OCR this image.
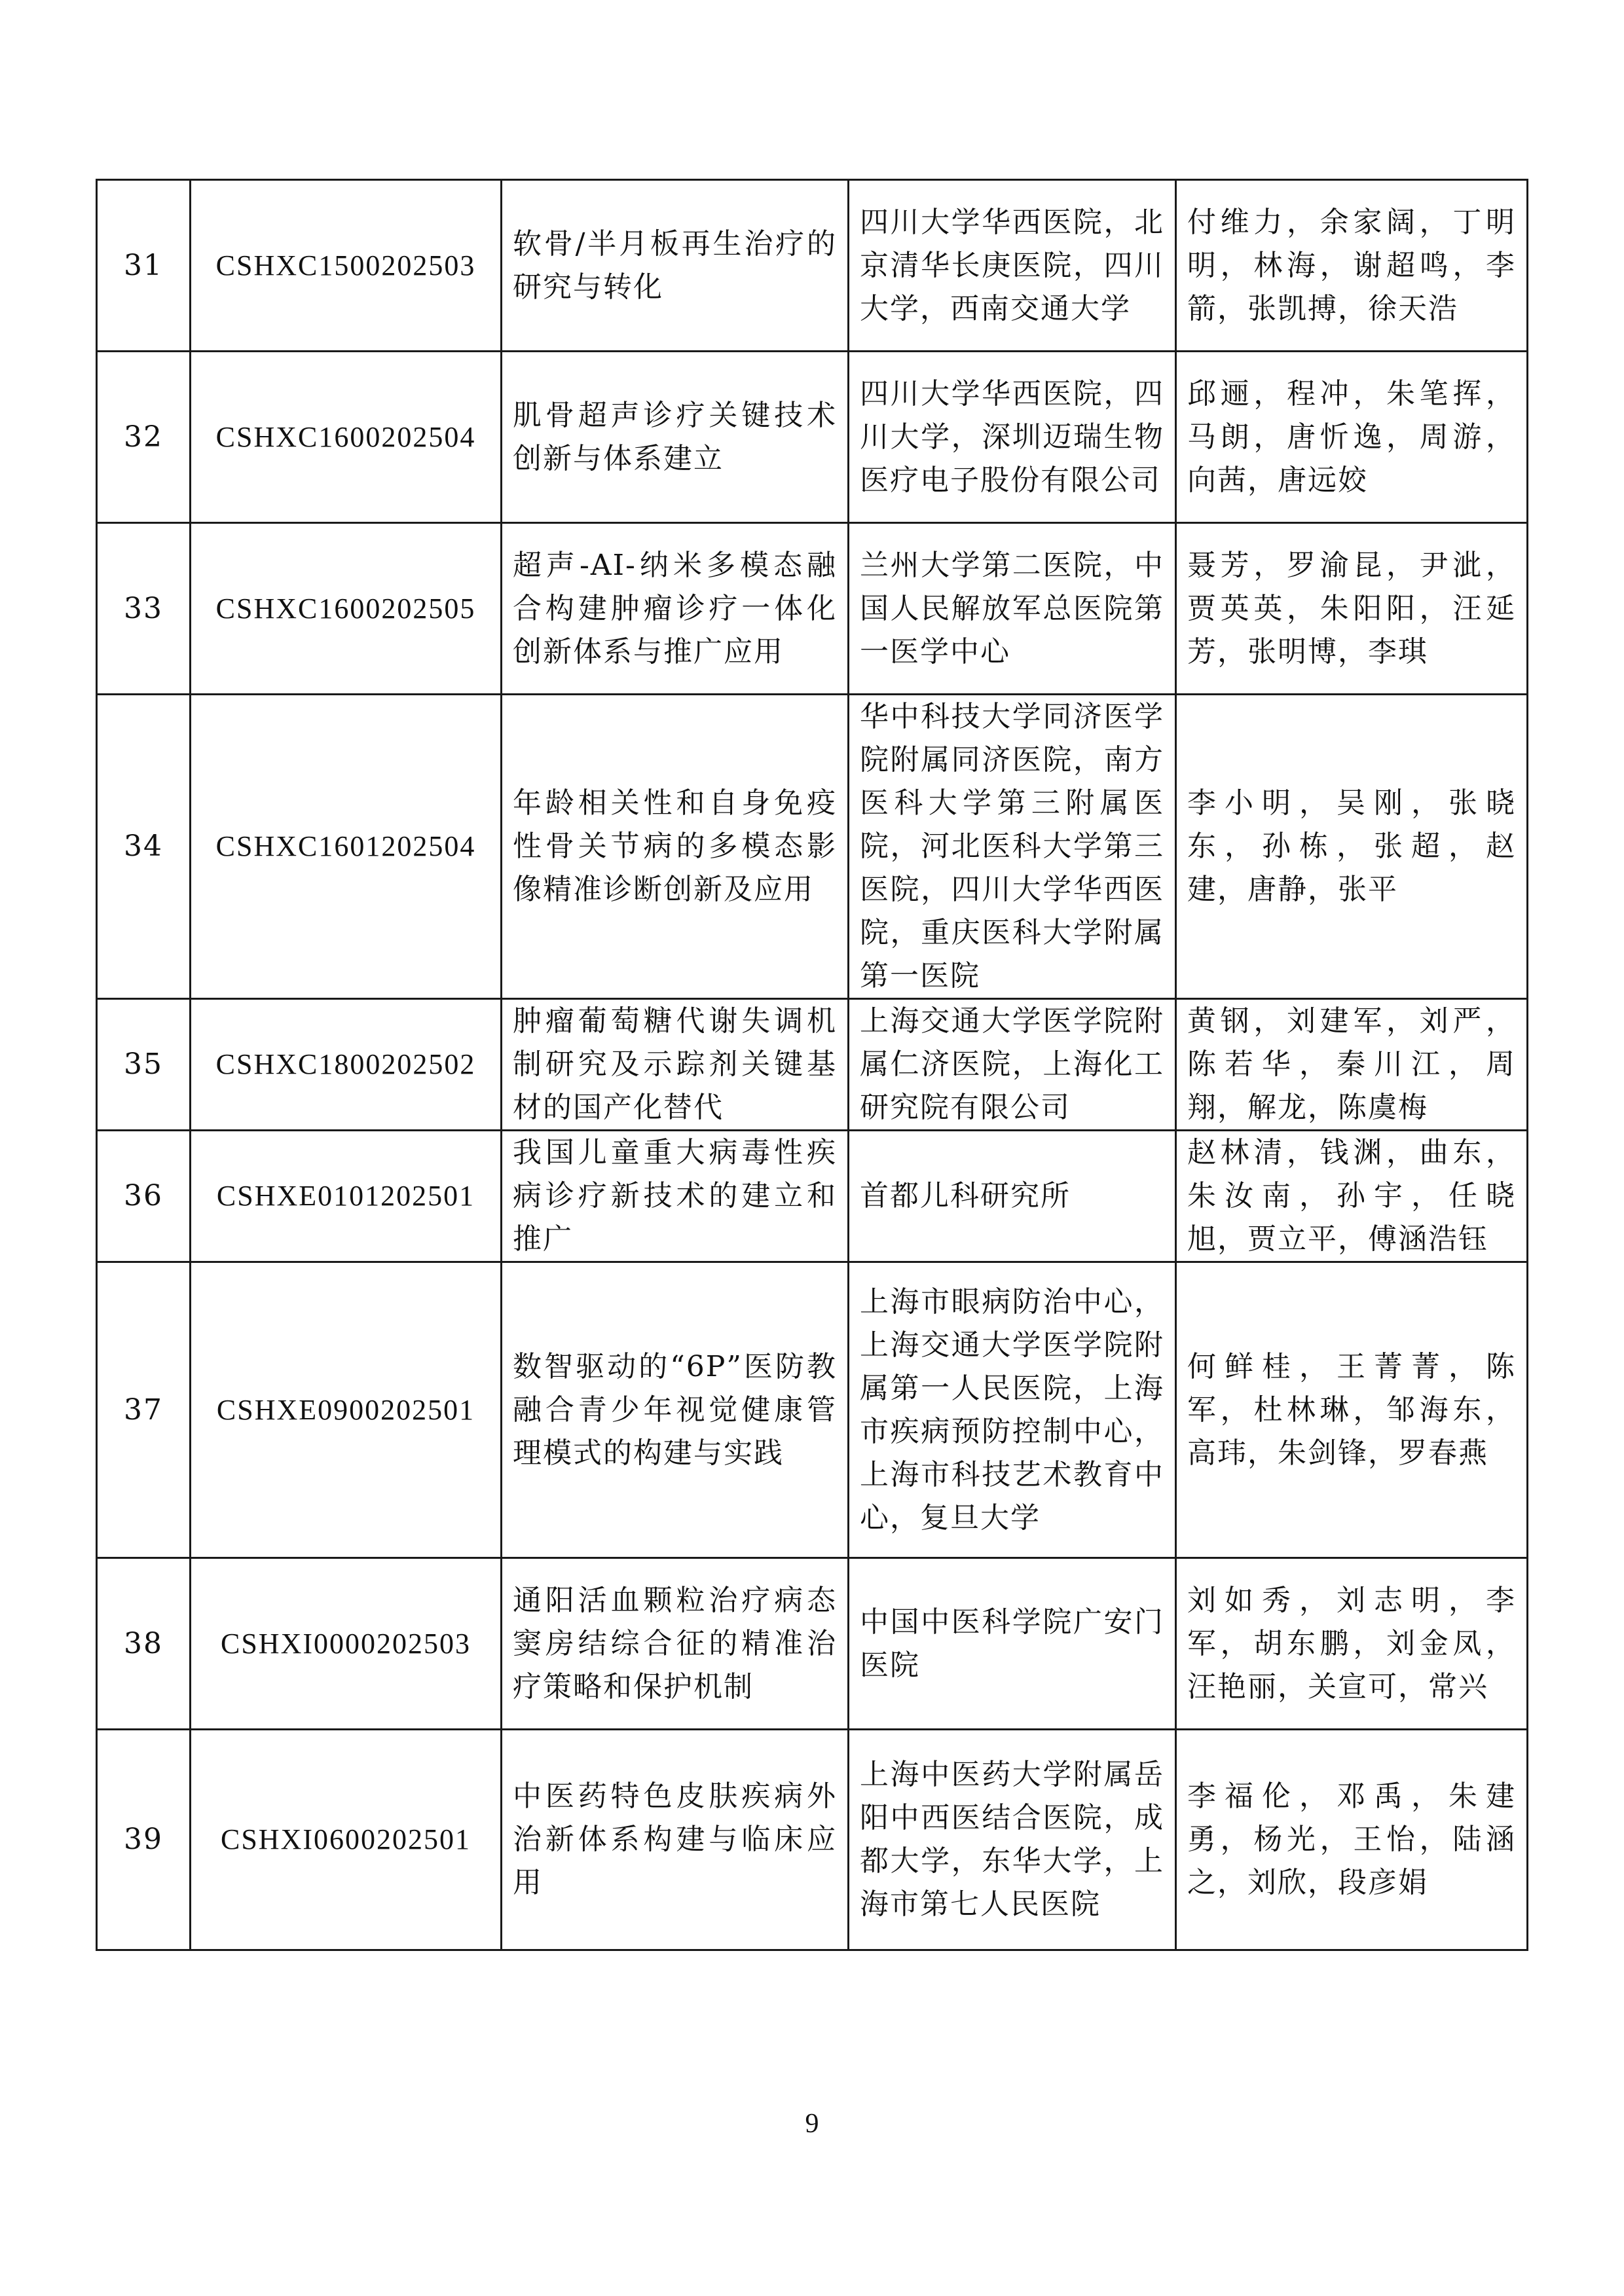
31	CSHXC1500202503	软骨/半月板再生治疗的研究与转化	四川大学华西医院，北京清华长庚医院，四川大学，西南交通大学	付维力，余家阔，丁明明，林海，谢超鸣，李箭，张凯搏，徐天浩
32	CSHXC1600202504	肌骨超声诊疗关键技术创新与体系建立	四川大学华西医院，四川大学，深圳迈瑞生物医疗电子股份有限公司	邱逦，程冲，朱笔挥，马朗，唐忻逸，周游，向茜，唐远姣
33	CSHXC1600202505	超声-AI-纳米多模态融合构建肿瘤诊疗一体化创新体系与推广应用	兰州大学第二医院，中国人民解放军总医院第一医学中心	聂芳，罗渝昆，尹泚，贾英英，朱阳阳，汪延芳，张明博，李琪
34	CSHXC1601202504	年龄相关性和自身免疫性骨关节病的多模态影像精准诊断创新及应用	华中科技大学同济医学院附属同济医院，南方医科大学第三附属医院，河北医科大学第三医院，四川大学华西医院，重庆医科大学附属第一医院	李小明，吴刚，张晓东，孙栋，张超，赵建，唐静，张平
35	CSHXC1800202502	肿瘤葡萄糖代谢失调机制研究及示踪剂关键基材的国产化替代	上海交通大学医学院附属仁济医院，上海化工研究院有限公司	黄钢，刘建军，刘严，陈若华，秦川江，周翔，解龙，陈虞梅
36	CSHXE0101202501	我国儿童重大病毒性疾病诊疗新技术的建立和推广	首都儿科研究所	赵林清，钱渊，曲东，朱汝南，孙宇，任晓旭，贾立平，傅涵浩钰
37	CSHXE0900202501	数智驱动的“6P”医防教融合青少年视觉健康管理模式的构建与实践	上海市眼病防治中心，上海交通大学医学院附属第一人民医院，上海市疾病预防控制中心，上海市科技艺术教育中心，复旦大学	何鲜桂，王菁菁，陈军，杜林琳，邹海东，高玮，朱剑锋，罗春燕
38	CSHXI0000202503	通阳活血颗粒治疗病态窦房结综合征的精准治疗策略和保护机制	中国中医科学院广安门医院	刘如秀，刘志明，李军，胡东鹏，刘金凤，汪艳丽，关宣可，常兴
39	CSHXI0600202501	中医药特色皮肤疾病外治新体系构建与临床应用	上海中医药大学附属岳阳中西医结合医院，成都大学，东华大学，上海市第七人民医院	李福伦，邓禹，朱建勇，杨光，王怡，陆涵之，刘欣，段彦娟
9
